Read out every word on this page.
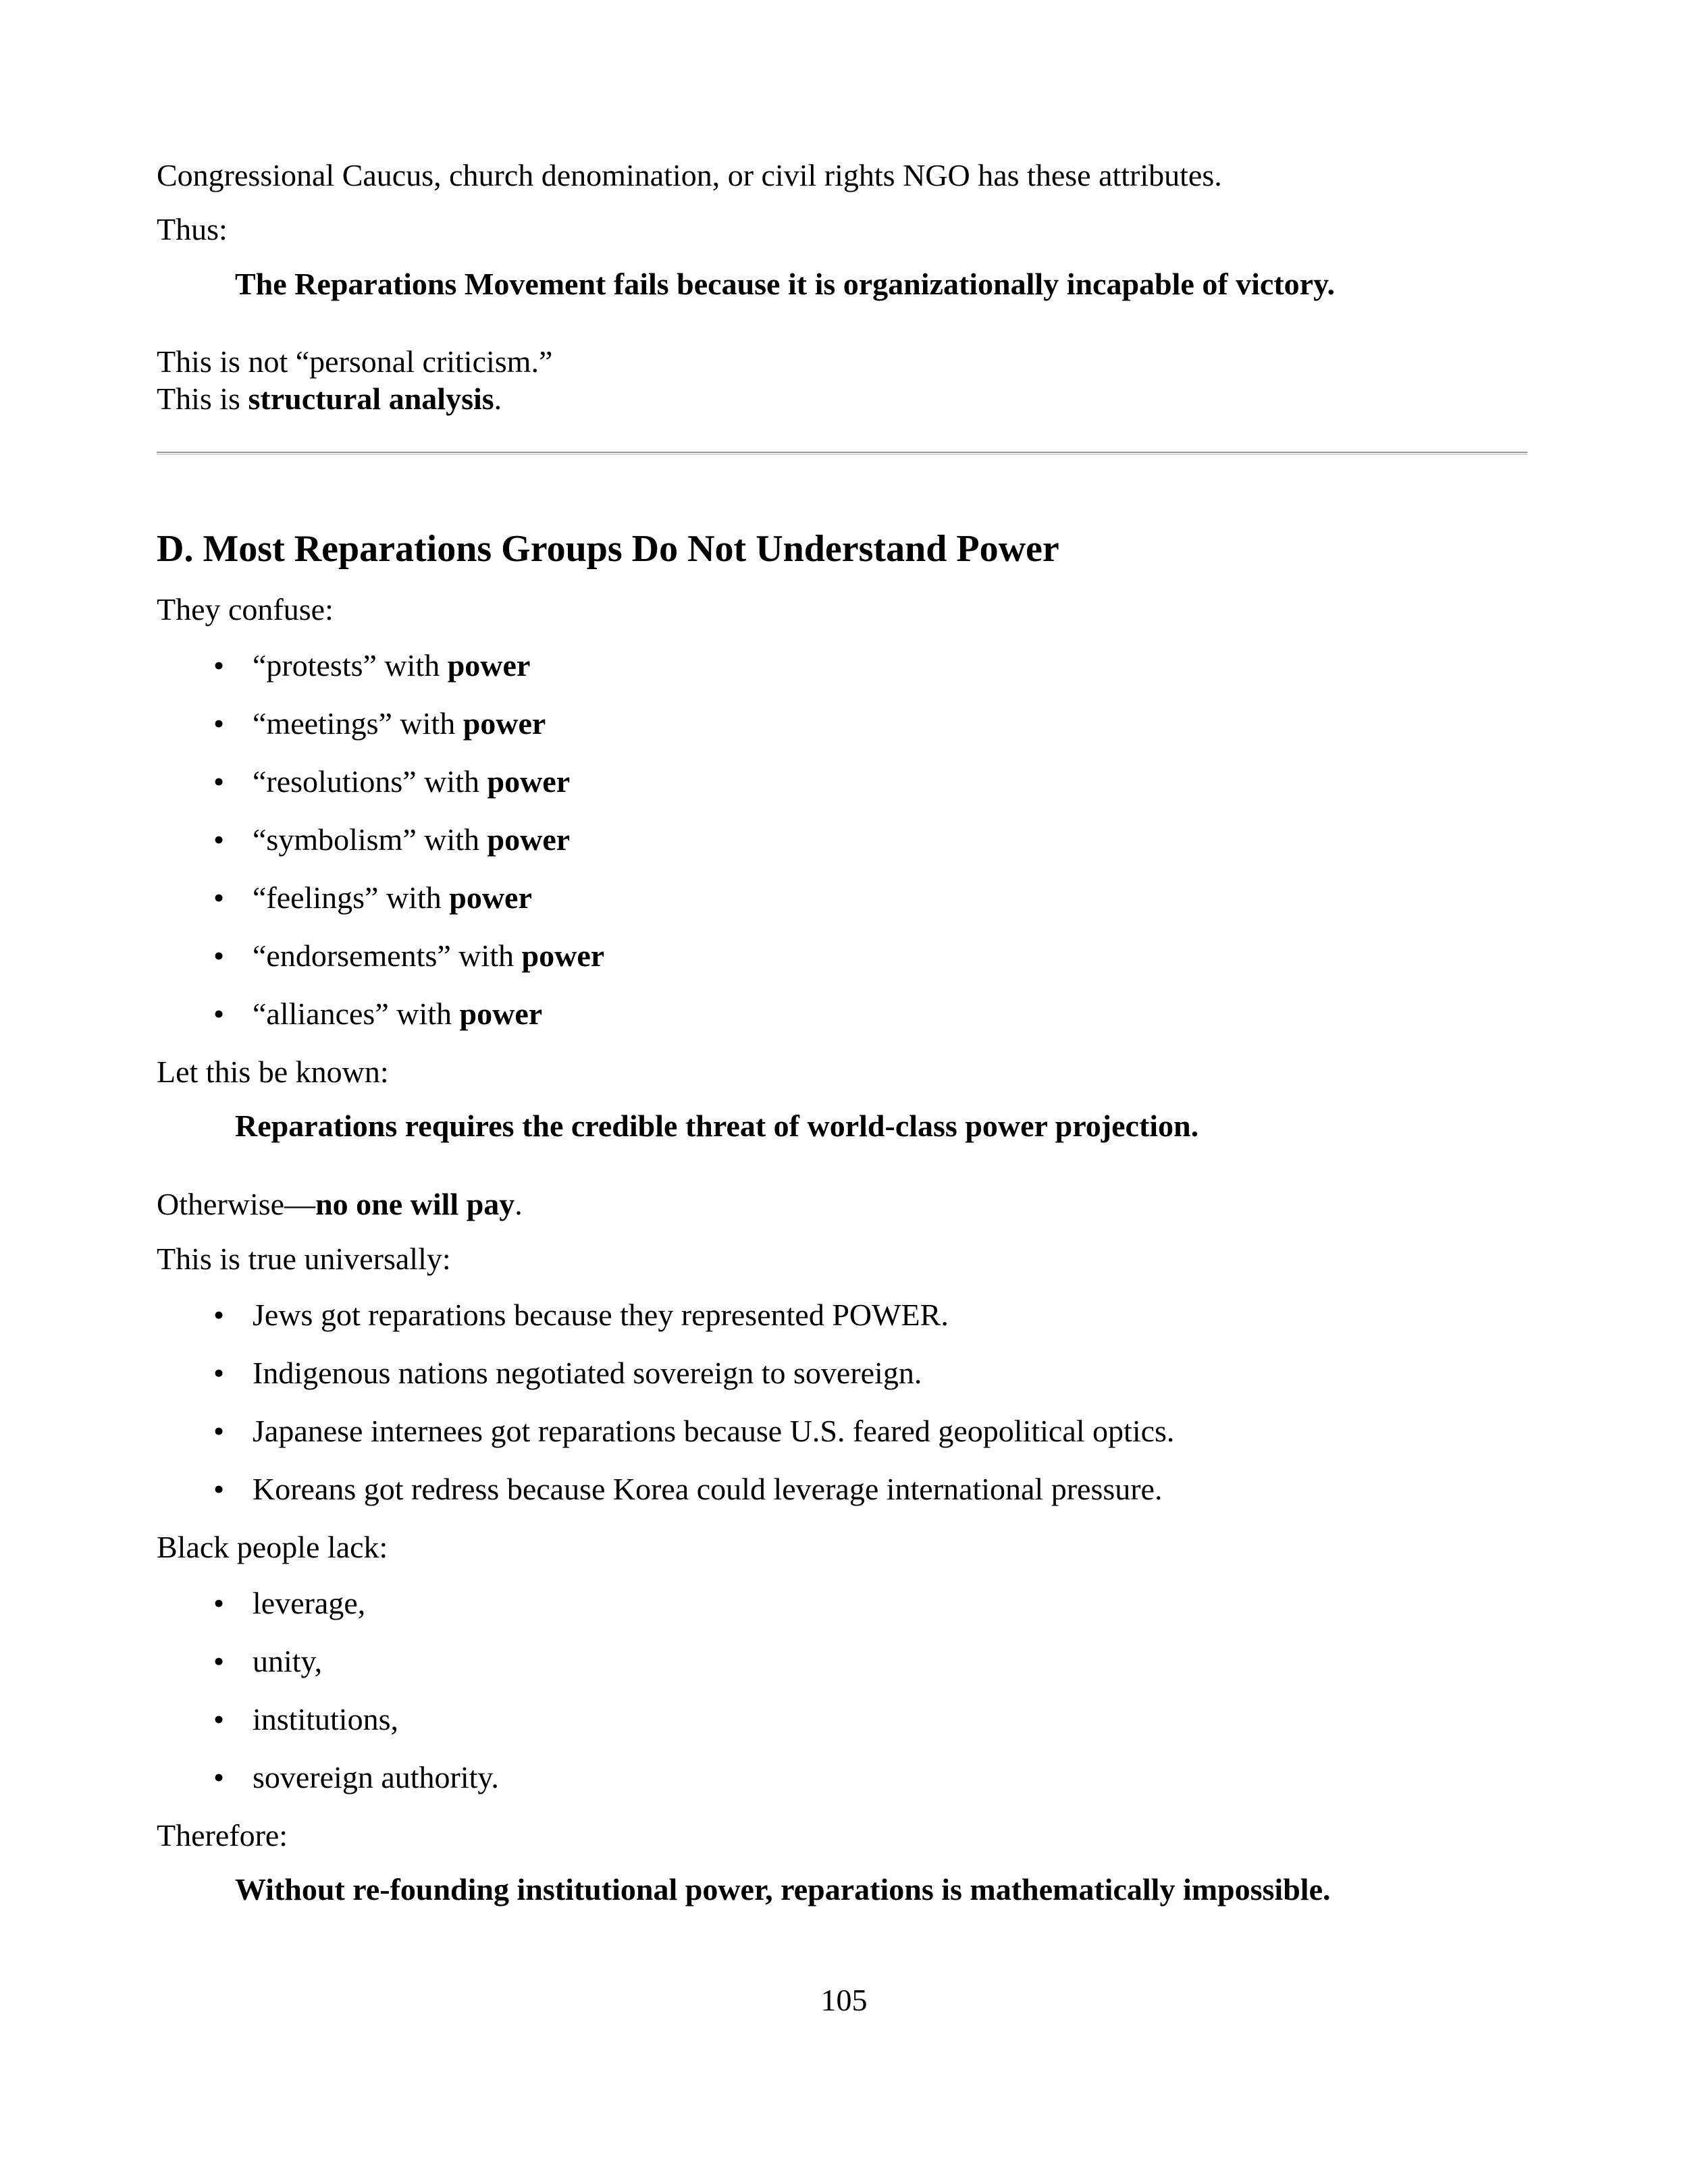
Congressional Caucus, church denomination, or civil rights NGO has these attributes.
Thus:
The Reparations Movement fails because it is organizationally incapable of victory.
This is not “personal criticism.”
This is structural analysis.
D. Most Reparations Groups Do Not Understand Power
They confuse:
• “protests” with power
• “meetings” with power
• “resolutions” with power
• “symbolism” with power
• “feelings” with power
• “endorsements” with power
• “alliances” with power
Let this be known:
Reparations requires the credible threat of world-class power projection.
Otherwise—no one will pay.
This is true universally:
• Jews got reparations because they represented POWER.
• Indigenous nations negotiated sovereign to sovereign.
• Japanese internees got reparations because U.S. feared geopolitical optics.
• Koreans got redress because Korea could leverage international pressure.
Black people lack:
• leverage,
• unity,
• institutions,
• sovereign authority.
Therefore:
Without re-founding institutional power, reparations is mathematically impossible.
105
